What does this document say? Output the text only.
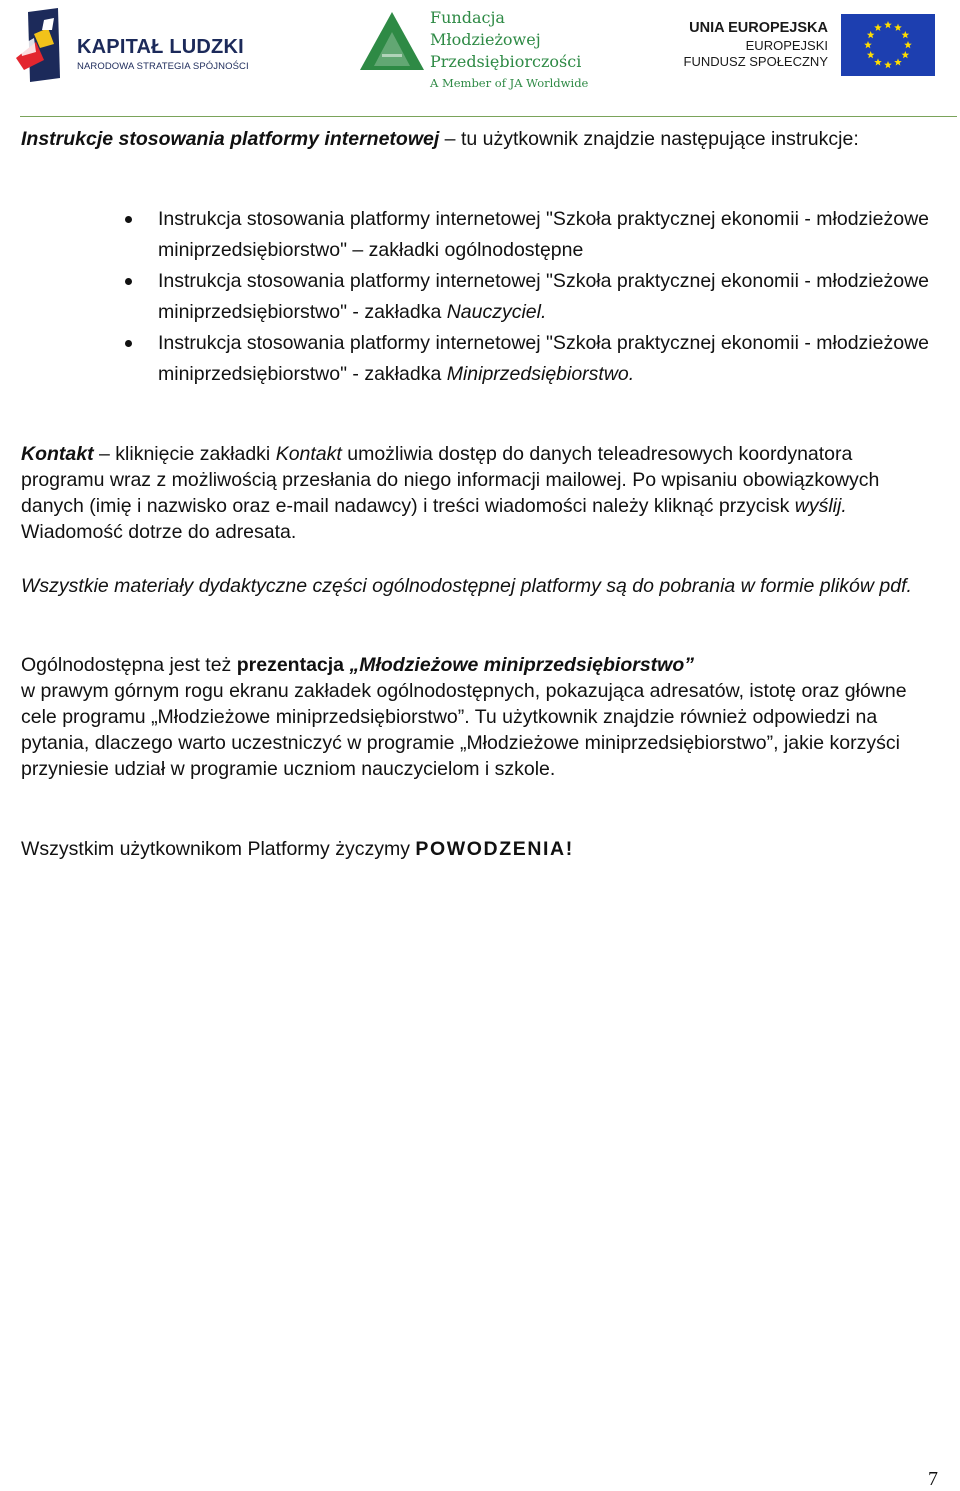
KAPITAŁ LUDZKI
NARODOWA STRATEGIA SPÓJNOŚCI
Fundacja
Młodzieżowej
Przedsiębiorczości
A Member of JA Worldwide
UNIA EUROPEJSKA
EUROPEJSKI
FUNDUSZ SPOŁECZNY

Instrukcje stosowania platformy internetowej – tu użytkownik znajdzie następujące instrukcje:

Instrukcja stosowania platformy internetowej "Szkoła praktycznej ekonomii - młodzieżowe miniprzedsiębiorstwo" – zakładki ogólnodostępne
Instrukcja stosowania platformy internetowej "Szkoła praktycznej ekonomii - młodzieżowe miniprzedsiębiorstwo" - zakładka Nauczyciel.
Instrukcja stosowania platformy internetowej "Szkoła praktycznej ekonomii - młodzieżowe miniprzedsiębiorstwo" - zakładka Miniprzedsiębiorstwo.

Kontakt – kliknięcie zakładki Kontakt umożliwia dostęp do danych teleadresowych koordynatora programu wraz z możliwością przesłania do niego informacji mailowej. Po wpisaniu obowiązkowych danych (imię i nazwisko oraz e-mail nadawcy) i treści wiadomości należy kliknąć przycisk wyślij. Wiadomość dotrze do adresata.

Wszystkie materiały dydaktyczne części ogólnodostępnej platformy są do pobrania w formie plików pdf.

Ogólnodostępna jest też prezentacja „Młodzieżowe miniprzedsiębiorstwo”
w prawym górnym rogu ekranu zakładek ogólnodostępnych, pokazująca adresatów, istotę oraz główne cele programu „Młodzieżowe miniprzedsiębiorstwo”. Tu użytkownik znajdzie również odpowiedzi na pytania, dlaczego warto uczestniczyć w programie „Młodzieżowe miniprzedsiębiorstwo”, jakie korzyści przyniesie udział w programie uczniom nauczycielom i szkole.

Wszystkim użytkownikom Platformy życzymy POWODZENIA!

7
